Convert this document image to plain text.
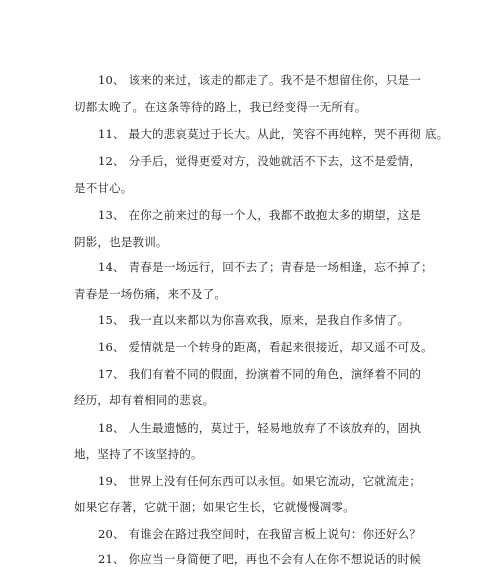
10、 该来的来过，该走的都走了。我不是不想留住你，只是一
切都太晚了。在这条等待的路上，我已经变得一无所有。
11、 最大的悲哀莫过于长大。从此，笑容不再纯粹，哭不再彻 底。
12、 分手后，觉得更爱对方，没她就活不下去，这不是爱情，
是不甘心。
13、 在你之前来过的每一个人，我都不敢抱太多的期望，这是
阴影，也是教训。
14、 青春是一场远行，回不去了；青春是一场相逢，忘不掉了；
青春是一场伤痛，来不及了。
15、 我一直以来都以为你喜欢我，原来，是我自作多情了。
16、 爱情就是一个转身的距离，看起来很接近，却又遥不可及。
17、 我们有着不同的假面，扮演着不同的角色，演绎着不同的
经历，却有着相同的悲哀。
18、 人生最遗憾的，莫过于，轻易地放弃了不该放弃的，固执
地，坚持了不该坚持的。
19、 世界上没有任何东西可以永恒。如果它流动，它就流走；
如果它存著，它就干涸；如果它生长，它就慢慢凋零。
20、 有谁会在路过我空间时，在我留言板上说句：你还好么？
21、 你应当一身简便了吧，再也不会有人在你不想说话的时候
